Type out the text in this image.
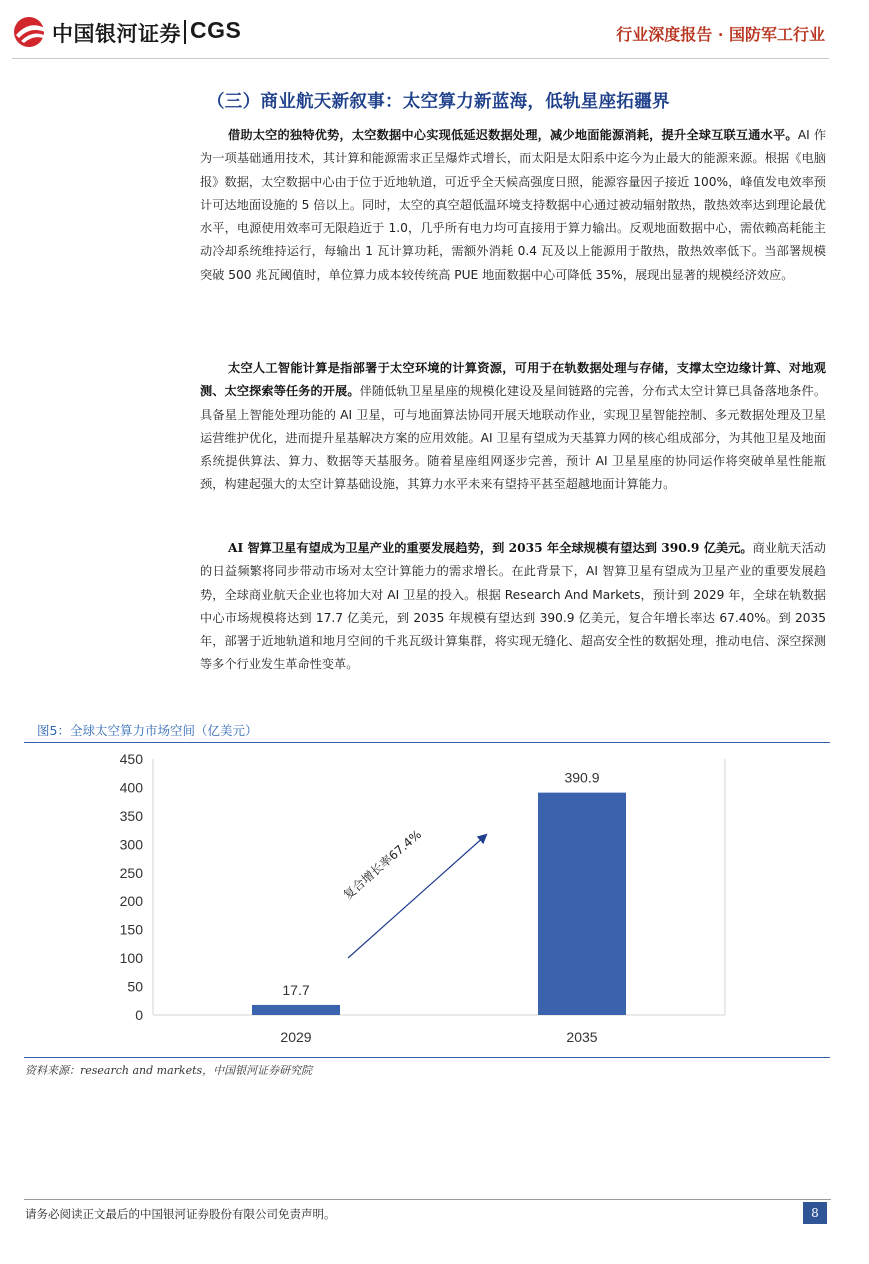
中国银河证券 CGS	行业深度报告 · 国防军工行业
（三）商业航天新叙事：太空算力新蓝海，低轨星座拓疆界
借助太空的独特优势，太空数据中心实现低延迟数据处理，减少地面能源消耗，提升全球互联互通水平。AI 作为一项基础通用技术，其计算和能源需求正呈爆炸式增长，而太阳是太阳系中迄今为止最大的能源来源。根据《电脑报》数据，太空数据中心由于位于近地轨道，可近乎全天候高强度日照，能源容量因子接近 100%，峰值发电效率预计可达地面设施的 5 倍以上。同时，太空的真空超低温环境支持数据中心通过被动辐射散热，散热效率达到理论最优水平，电源使用效率可无限趋近于 1.0，几乎所有电力均可直接用于算力输出。反观地面数据中心，需依赖高耗能主动冷却系统维持运行，每输出 1 瓦计算功耗，需额外消耗 0.4 瓦及以上能源用于散热，散热效率低下。当部署规模突破 500 兆瓦阈值时，单位算力成本较传统高 PUE 地面数据中心可降低 35%，展现出显著的规模经济效应。
太空人工智能计算是指部署于太空环境的计算资源，可用于在轨数据处理与存储，支撑太空边缘计算、对地观测、太空探索等任务的开展。伴随低轨卫星星座的规模化建设及星间链路的完善，分布式太空计算已具备落地条件。具备星上智能处理功能的 AI 卫星，可与地面算法协同开展天地联动作业，实现卫星智能控制、多元数据处理及卫星运营维护优化，进而提升星基解决方案的应用效能。AI 卫星有望成为天基算力网的核心组成部分，为其他卫星及地面系统提供算法、算力、数据等天基服务。随着星座组网逐步完善，预计 AI 卫星星座的协同运作将突破单星性能瓶颈，构建起强大的太空计算基础设施，其算力水平未来有望持平甚至超越地面计算能力。
AI 智算卫星有望成为卫星产业的重要发展趋势，到 2035 年全球规模有望达到 390.9 亿美元。商业航天活动的日益频繁将同步带动市场对太空计算能力的需求增长。在此背景下，AI 智算卫星有望成为卫星产业的重要发展趋势，全球商业航天企业也将加大对 AI 卫星的投入。根据 Research And Markets，预计到 2029 年，全球在轨数据中心市场规模将达到 17.7 亿美元，到 2035 年规模有望达到 390.9 亿美元，复合年增长率达 67.40%。到 2035 年，部署于近地轨道和地月空间的千兆瓦级计算集群，将实现无缝化、超高安全性的数据处理，推动电信、深空探测等多个行业发生革命性变革。
图5：全球太空算力市场空间（亿美元）
0
50
100
150
200
250
300
350
400
450
17.7
390.9
2029	2035
复合增长率67.4%
资料来源：research and markets，中国银河证券研究院
请务必阅读正文最后的中国银河证券股份有限公司免责声明。	8
